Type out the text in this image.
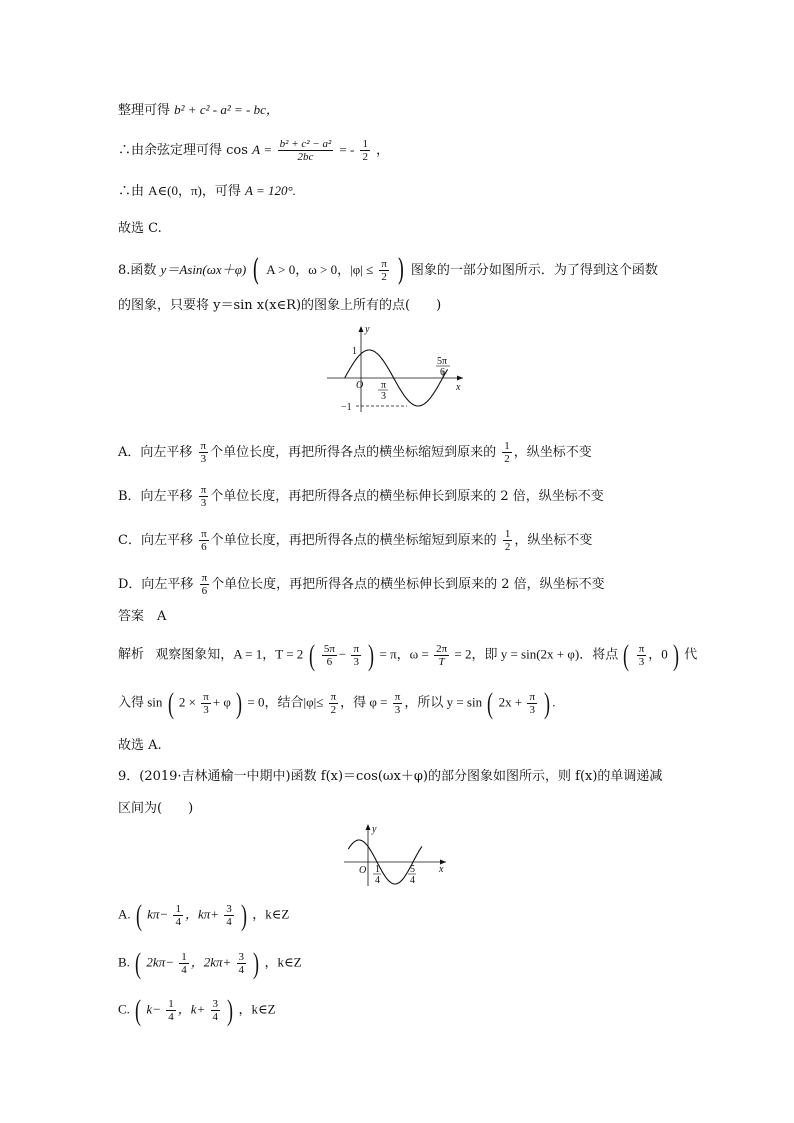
整理可得 b² + c² - a² = - bc，
∴由余弦定理可得 $\cos A = \frac{\text{b² + c² − a²}}{2bc}$ = - $\frac{1}{2}$ ，
∴由 A∈(0，π)，可得 A = 120°.
故选 C.
8.函数 y＝Asin(ωx＋φ) ( A > 0，ω > 0，$|\varphi| \le \frac{\pi}{2}$ ) 图象的一部分如图所示．为了得到这个函数
的图象，只要将 y＝sin x(x∈R)的图象上所有的点(　　)
y
x
O
1
−1
π
3
5π
6
A．向左平移 $\frac{\pi}{3}$ 个单位长度，再把所得各点的横坐标缩短到原来的 $\frac{1}{2}$ ，纵坐标不变
B．向左平移 $\frac{\pi}{3}$ 个单位长度，再把所得各点的横坐标伸长到原来的 2 倍，纵坐标不变
C．向左平移 $\frac{\pi}{6}$ 个单位长度，再把所得各点的横坐标缩短到原来的 $\frac{1}{2}$ ，纵坐标不变
D．向左平移 $\frac{\pi}{6}$ 个单位长度，再把所得各点的横坐标伸长到原来的 2 倍，纵坐标不变
答案　A
解析 观察图象知，A = 1，T = 2 ( $\frac{5\pi}{6} - \frac{\pi}{3}$ ) = π，$\omega = \frac{2\pi}{T} = 2$，即 y = sin(2x + φ)．将点 ( $\frac{\pi}{3}$ ，0 ) 代
入得 sin ( $2 \times \frac{\pi}{3} + \varphi$ ) = 0，结合$|\varphi|\le \frac{\pi}{2}$ ，得 $\varphi = \frac{\pi}{3}$ ，所以 y = sin ( $2x + \frac{\pi}{3}$ ) .
故选 A.
9．(2019·吉林通榆一中期中)函数 f(x)＝cos(ωx＋φ)的部分图象如图所示，则 f(x)的单调递减
区间为(　　)
y
x
O 1
4
5
4
A. ( $k\pi- \frac{1}{4}$ ，$k\pi+ \frac{3}{4}$ ) ，k∈Z
B. ( $2k\pi- \frac{1}{4}$ ，$2k\pi+ \frac{3}{4}$ ) ，k∈Z
C. ( $k- \frac{1}{4}$ ，$k+ \frac{3}{4}$ ) ，k∈Z
